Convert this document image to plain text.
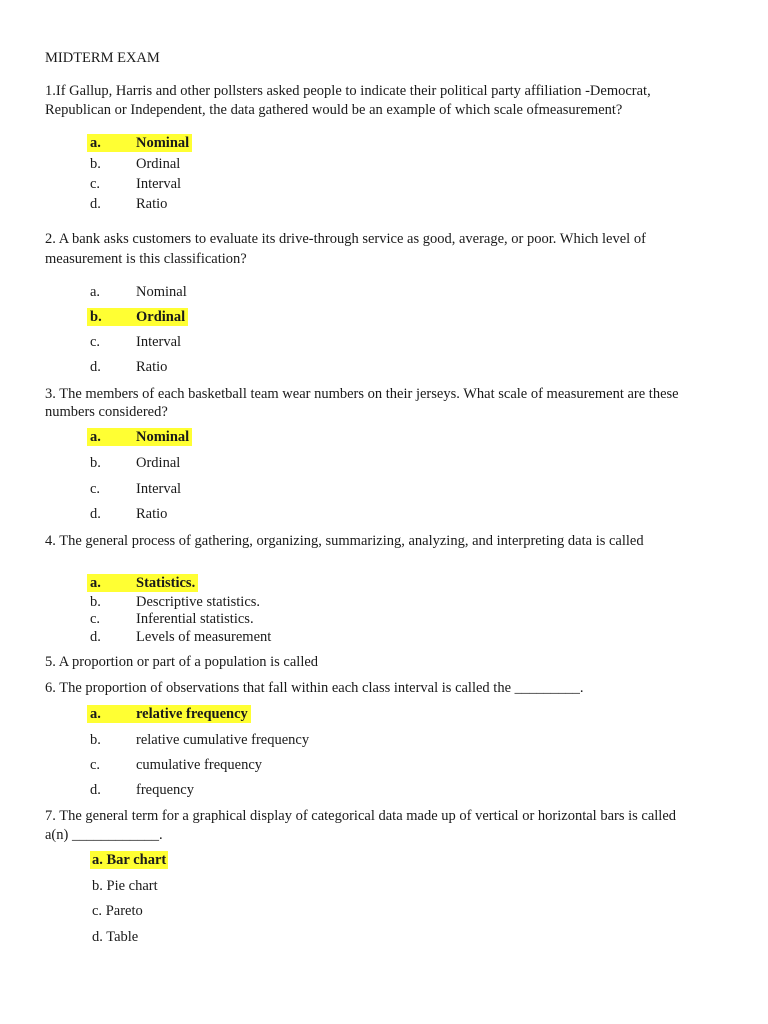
MIDTERM EXAM
1.If Gallup, Harris and other pollsters asked people to indicate their political party affiliation -Democrat,
Republican or Independent, the data gathered would be an example of which scale ofmeasurement?
a. Nominal
b. Ordinal
c. Interval
d. Ratio
2. A bank asks customers to evaluate its drive-through service as good, average, or poor. Which level of
measurement is this classification?
a. Nominal
b. Ordinal
c. Interval
d. Ratio
3. The members of each basketball team wear numbers on their jerseys. What scale of measurement are these
numbers considered?
a. Nominal
b. Ordinal
c. Interval
d. Ratio
4. The general process of gathering, organizing, summarizing, analyzing, and interpreting data is called
a. Statistics.
b. Descriptive statistics.
c. Inferential statistics.
d. Levels of measurement
5. A proportion or part of a population is called
6. The proportion of observations that fall within each class interval is called the _________.
a. relative frequency
b. relative cumulative frequency
c. cumulative frequency
d. frequency
7. The general term for a graphical display of categorical data made up of vertical or horizontal bars is called
a(n) ____________.
a. Bar chart
b. Pie chart
c. Pareto
d. Table
